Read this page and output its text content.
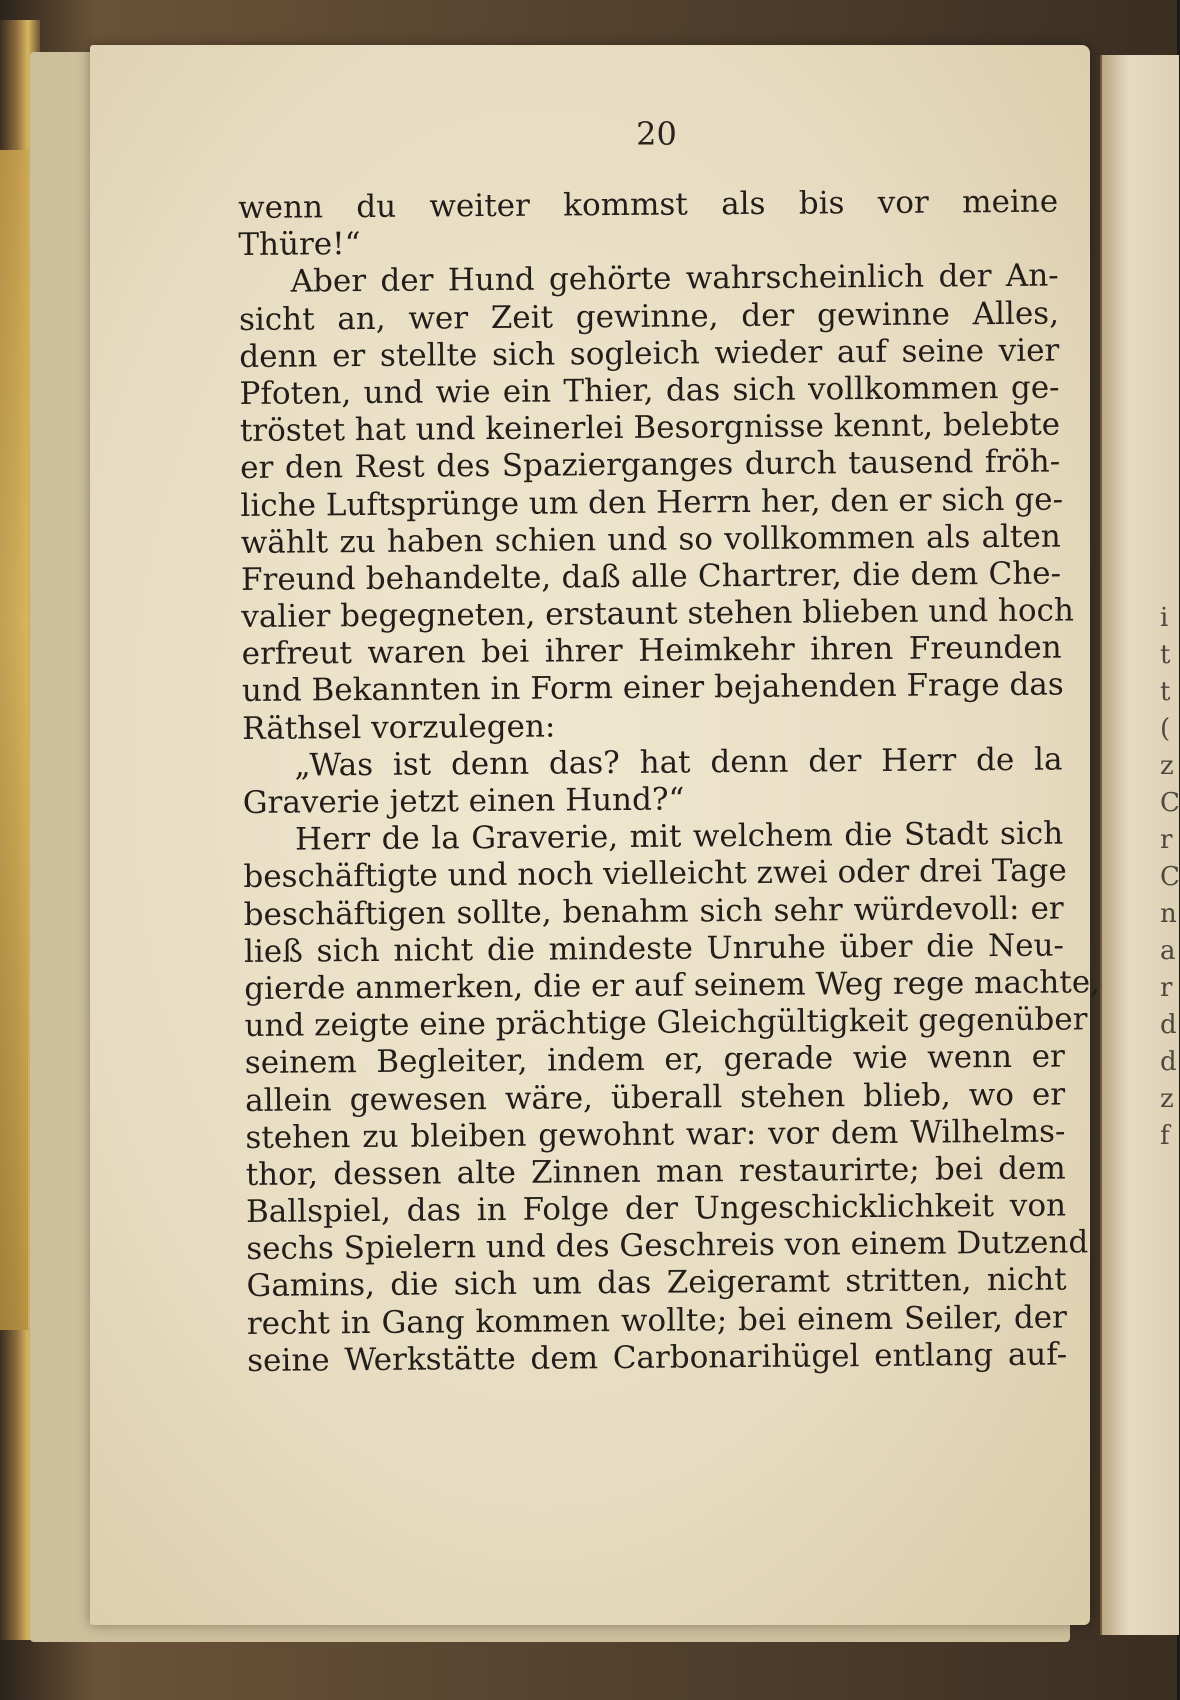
i
t
t
(
z
C
r
C
n
a
r
d
d
z
f
20
wenn du weiter kommst als bis vor meine
Thüre!“
Aber der Hund gehörte wahrscheinlich der An-
sicht an, wer Zeit gewinne, der gewinne Alles,
denn er stellte sich sogleich wieder auf seine vier
Pfoten, und wie ein Thier, das sich vollkommen ge-
tröstet hat und keinerlei Besorgnisse kennt, belebte
er den Rest des Spazierganges durch tausend fröh-
liche Luftsprünge um den Herrn her, den er sich ge-
wählt zu haben schien und so vollkommen als alten
Freund behandelte, daß alle Chartrer, die dem Che-
valier begegneten, erstaunt stehen blieben und hoch
erfreut waren bei ihrer Heimkehr ihren Freunden
und Bekannten in Form einer bejahenden Frage das
Räthsel vorzulegen:
„Was ist denn das? hat denn der Herr de la
Graverie jetzt einen Hund?“
Herr de la Graverie, mit welchem die Stadt sich
beschäftigte und noch vielleicht zwei oder drei Tage
beschäftigen sollte, benahm sich sehr würdevoll: er
ließ sich nicht die mindeste Unruhe über die Neu-
gierde anmerken, die er auf seinem Weg rege machte,
und zeigte eine prächtige Gleichgültigkeit gegenüber
seinem Begleiter, indem er, gerade wie wenn er
allein gewesen wäre, überall stehen blieb, wo er
stehen zu bleiben gewohnt war: vor dem Wilhelms-
thor, dessen alte Zinnen man restaurirte; bei dem
Ballspiel, das in Folge der Ungeschicklichkeit von
sechs Spielern und des Geschreis von einem Dutzend
Gamins, die sich um das Zeigeramt stritten, nicht
recht in Gang kommen wollte; bei einem Seiler, der
seine Werkstätte dem Carbonarihügel entlang auf-
